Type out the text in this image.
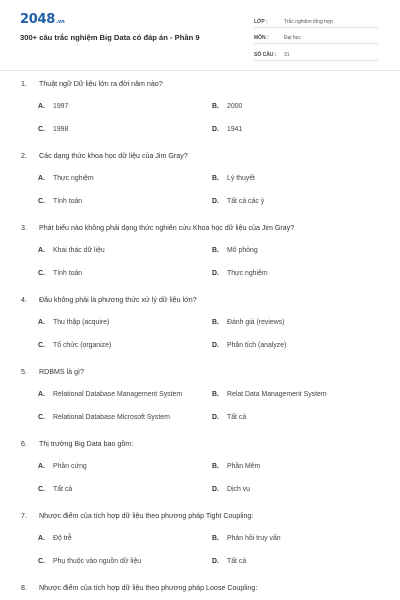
2048 .vn
300+ câu trắc nghiệm Big Data có đáp án - Phần 9
LỚP :	Trắc nghiệm tổng hợp
MÔN :	Đại học
SỐ CÂU :	31
1. Thuật ngữ Dữ liệu lớn ra đời năm nào?
A. 1997	B. 2000
C. 1998	D. 1941
2. Các dạng thức khoa học dữ liệu của Jim Gray?
A. Thực nghiệm	B. Lý thuyết
C. Tính toán	D. Tất cả các ý
3. Phát biểu nào không phải dạng thức nghiên cứu Khoa học dữ liệu của Jim Gray?
A. Khai thác dữ liệu	B. Mô phỏng
C. Tính toán	D. Thực nghiệm
4. Đâu không phải là phương thức xử lý dữ liệu lớn?
A. Thu thập (acquire)	B. Đánh giá (reviews)
C. Tổ chức (organize)	D. Phân tích (analyze)
5. RDBMS là gì?
A. Relational Database Management System	B. Relat Data Management System
C. Relational Database Microsoft System	D. Tất cả
6. Thị trường Big Data bao gồm:
A. Phần cứng	B. Phần Mềm
C. Tất cả	D. Dịch vụ
7. Nhược điểm của tích hợp dữ liệu theo phương pháp Tight Coupling:
A. Độ trễ	B. Phản hồi truy vấn
C. Phụ thuộc vào nguồn dữ liệu	D. Tất cả
8. Nhược điểm của tích hợp dữ liệu theo phương pháp Loose Coupling:
